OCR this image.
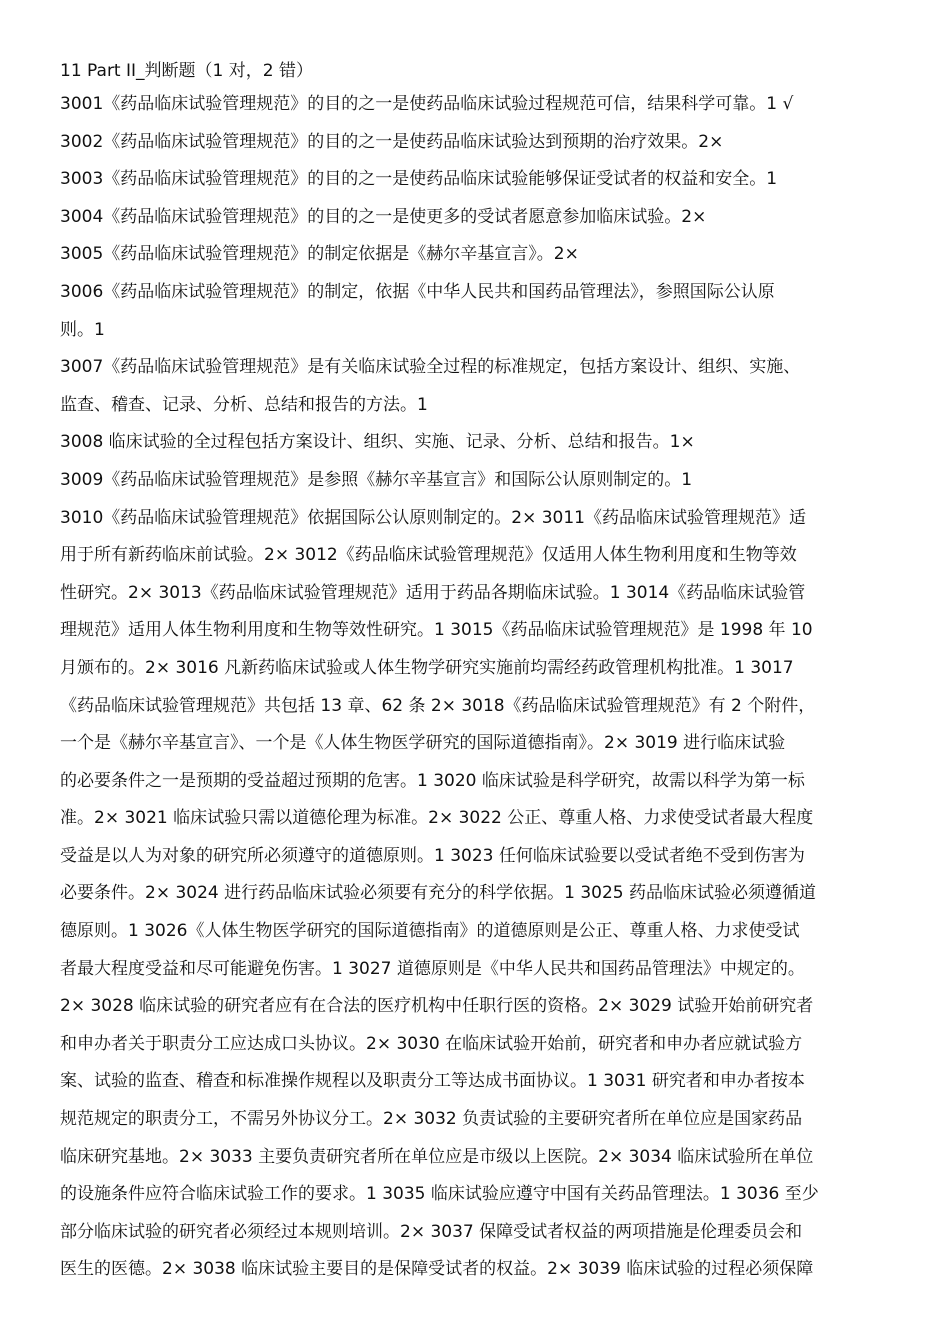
11 Part II_判断题（1 对，2 错）
3001《药品临床试验管理规范》的目的之一是使药品临床试验过程规范可信，结果科学可靠。1 √
3002《药品临床试验管理规范》的目的之一是使药品临床试验达到预期的治疗效果。2×
3003《药品临床试验管理规范》的目的之一是使药品临床试验能够保证受试者的权益和安全。1
3004《药品临床试验管理规范》的目的之一是使更多的受试者愿意参加临床试验。2×
3005《药品临床试验管理规范》的制定依据是《赫尔辛基宣言》。2×
3006《药品临床试验管理规范》的制定，依据《中华人民共和国药品管理法》，参照国际公认原
则。1
3007《药品临床试验管理规范》是有关临床试验全过程的标准规定，包括方案设计、组织、实施、
监查、稽查、记录、分析、总结和报告的方法。1
3008 临床试验的全过程包括方案设计、组织、实施、记录、分析、总结和报告。1×
3009《药品临床试验管理规范》是参照《赫尔辛基宣言》和国际公认原则制定的。1
3010《药品临床试验管理规范》依据国际公认原则制定的。2× 3011《药品临床试验管理规范》适
用于所有新药临床前试验。2× 3012《药品临床试验管理规范》仅适用人体生物利用度和生物等效
性研究。2× 3013《药品临床试验管理规范》适用于药品各期临床试验。1 3014《药品临床试验管
理规范》适用人体生物利用度和生物等效性研究。1 3015《药品临床试验管理规范》是 1998 年 10
月颁布的。2× 3016 凡新药临床试验或人体生物学研究实施前均需经药政管理机构批准。1 3017
《药品临床试验管理规范》共包括 13 章、62 条 2× 3018《药品临床试验管理规范》有 2 个附件，
一个是《赫尔辛基宣言》、一个是《人体生物医学研究的国际道德指南》。2× 3019 进行临床试验
的必要条件之一是预期的受益超过预期的危害。1 3020 临床试验是科学研究，故需以科学为第一标
准。2× 3021 临床试验只需以道德伦理为标准。2× 3022 公正、尊重人格、力求使受试者最大程度
受益是以人为对象的研究所必须遵守的道德原则。1 3023 任何临床试验要以受试者绝不受到伤害为
必要条件。2× 3024 进行药品临床试验必须要有充分的科学依据。1 3025 药品临床试验必须遵循道
德原则。1 3026《人体生物医学研究的国际道德指南》的道德原则是公正、尊重人格、力求使受试
者最大程度受益和尽可能避免伤害。1 3027 道德原则是《中华人民共和国药品管理法》中规定的。
2× 3028 临床试验的研究者应有在合法的医疗机构中任职行医的资格。2× 3029 试验开始前研究者
和申办者关于职责分工应达成口头协议。2× 3030 在临床试验开始前，研究者和申办者应就试验方
案、试验的监查、稽查和标准操作规程以及职责分工等达成书面协议。1 3031 研究者和申办者按本
规范规定的职责分工，不需另外协议分工。2× 3032 负责试验的主要研究者所在单位应是国家药品
临床研究基地。2× 3033 主要负责研究者所在单位应是市级以上医院。2× 3034 临床试验所在单位
的设施条件应符合临床试验工作的要求。1 3035 临床试验应遵守中国有关药品管理法。1 3036 至少
部分临床试验的研究者必须经过本规则培训。2× 3037 保障受试者权益的两项措施是伦理委员会和
医生的医德。2× 3038 临床试验主要目的是保障受试者的权益。2× 3039 临床试验的过程必须保障
